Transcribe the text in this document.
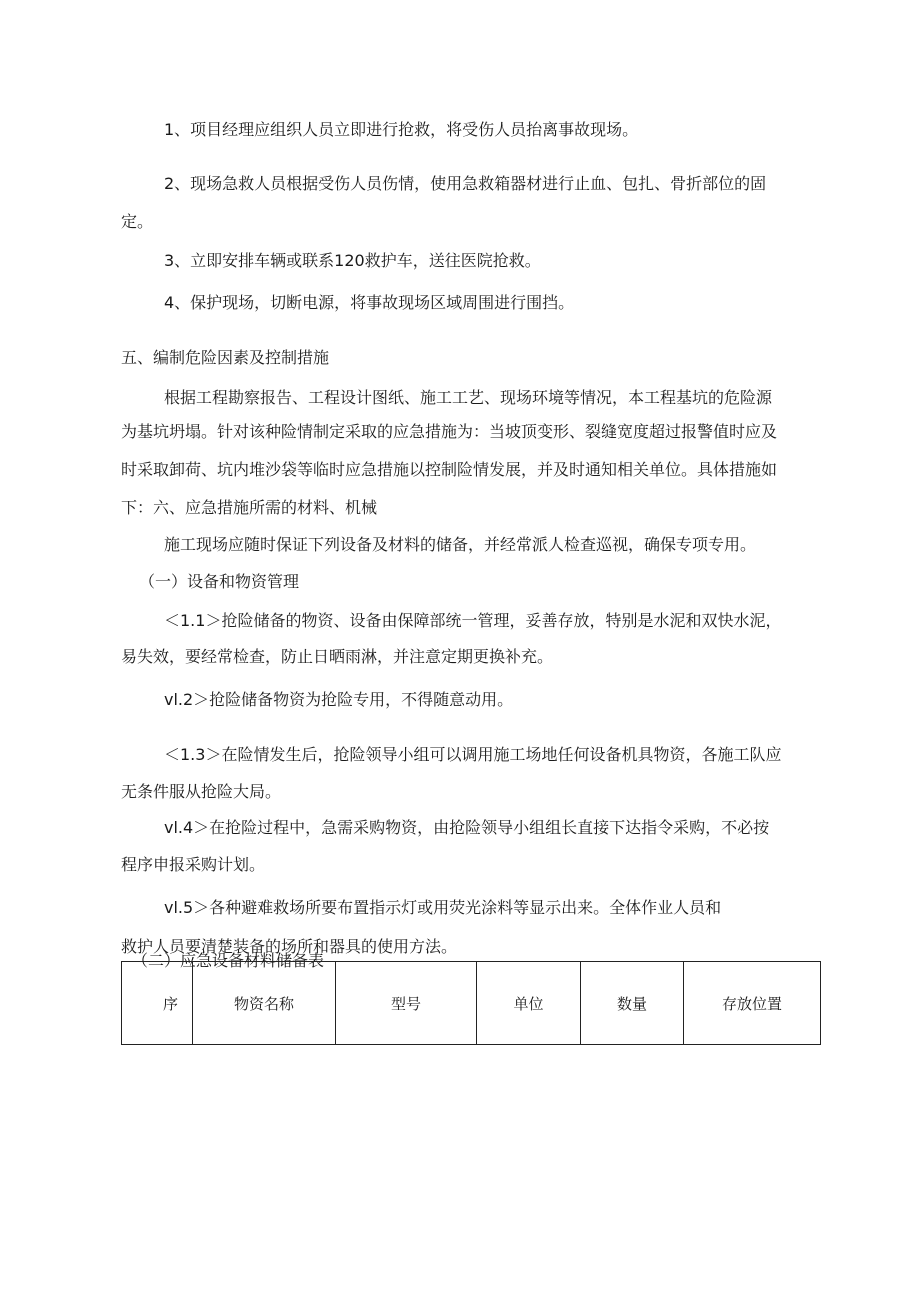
1、项目经理应组织人员立即进行抢救，将受伤人员抬离事故现场。

2、现场急救人员根据受伤人员伤情，使用急救箱器材进行止血、包扎、骨折部位的固

定。

3、立即安排车辆或联系120救护车，送往医院抢救。

4、保护现场，切断电源，将事故现场区域周围进行围挡。

五、编制危险因素及控制措施

根据工程勘察报告、工程设计图纸、施工工艺、现场环境等情况，本工程基坑的危险源

为基坑坍塌。针对该种险情制定采取的应急措施为：当坡顶变形、裂缝宽度超过报警值时应及

时采取卸荷、坑内堆沙袋等临时应急措施以控制险情发展，并及时通知相关单位。具体措施如

下：六、应急措施所需的材料、机械

施工现场应随时保证下列设备及材料的储备，并经常派人检查巡视，确保专项专用。

（一）设备和物资管理

＜1.1＞抢险储备的物资、设备由保障部统一管理，妥善存放，特别是水泥和双快水泥，

易失效，要经常检查，防止日晒雨淋，并注意定期更换补充。

vl.2＞抢险储备物资为抢险专用，不得随意动用。

＜1.3＞在险情发生后，抢险领导小组可以调用施工场地任何设备机具物资，各施工队应

无条件服从抢险大局。

vl.4＞在抢险过程中，急需采购物资，由抢险领导小组组长直接下达指令采购，不必按

程序申报采购计划。

vl.5＞各种避难救场所要布置指示灯或用荧光涂料等显示出来。全体作业人员和

救护人员要清楚装备的场所和器具的使用方法。

（二）应急设备材料储备表

序	物资名称	型号	单位	数量	存放位置
